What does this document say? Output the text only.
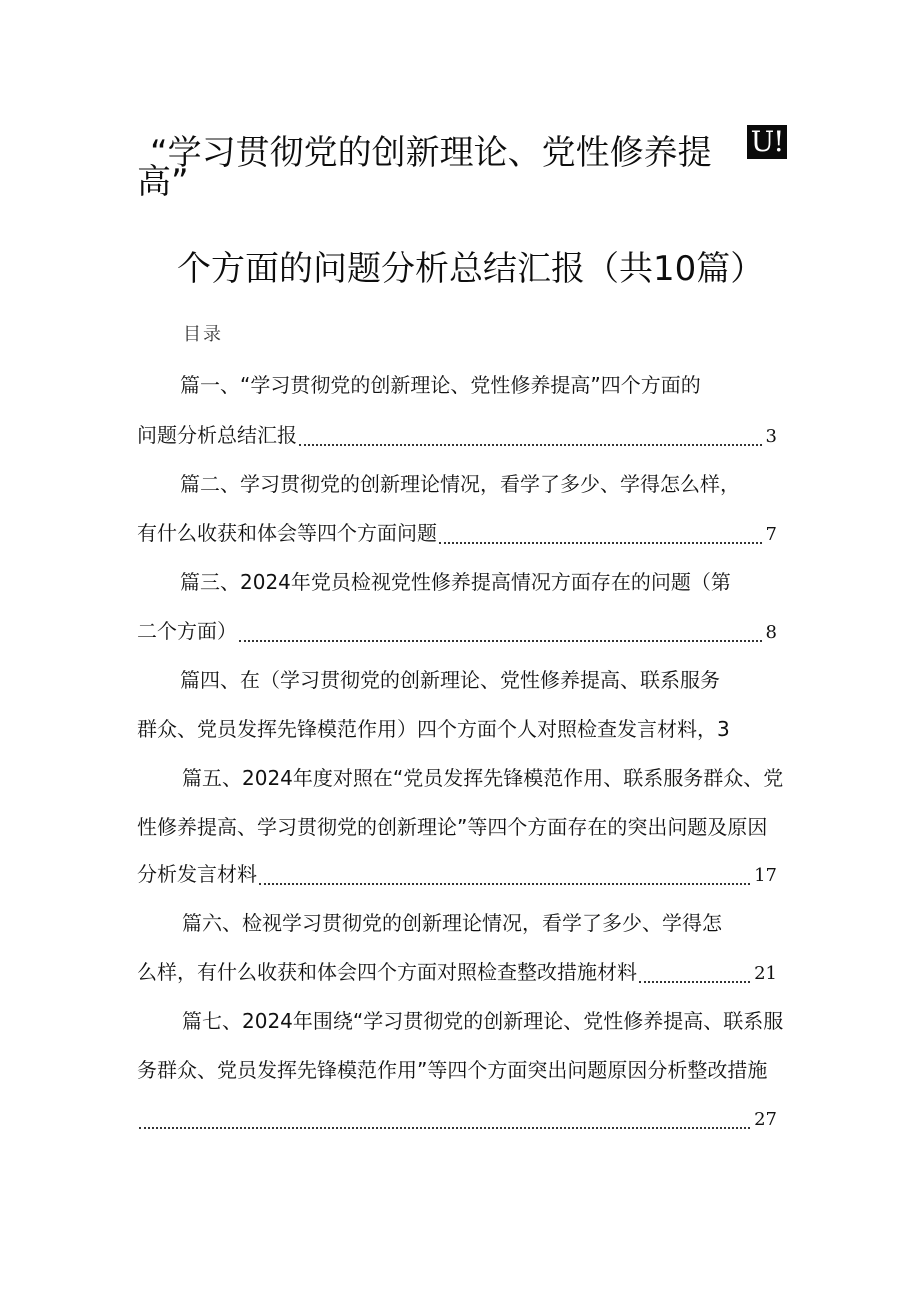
U!
“学习贯彻党的创新理论、党性修养提
高”
个方面的问题分析总结汇报（共10篇）
目录
篇一、“学习贯彻党的创新理论、党性修养提高”四个方面的
问题分析总结汇报	3
篇二、学习贯彻党的创新理论情况，看学了多少、学得怎么样，
有什么收获和体会等四个方面问题	7
篇三、2024年党员检视党性修养提高情况方面存在的问题（第
二个方面）	8
篇四、在（学习贯彻党的创新理论、党性修养提高、联系服务
群众、党员发挥先锋模范作用）四个方面个人对照检查发言材料，3
篇五、2024年度对照在“党员发挥先锋模范作用、联系服务群众、党
性修养提高、学习贯彻党的创新理论”等四个方面存在的突出问题及原因
分析发言材料	17
篇六、检视学习贯彻党的创新理论情况，看学了多少、学得怎
么样，有什么收获和体会四个方面对照检查整改措施材料	21
篇七、2024年围绕“学习贯彻党的创新理论、党性修养提高、联系服
务群众、党员发挥先锋模范作用”等四个方面突出问题原因分析整改措施
27
